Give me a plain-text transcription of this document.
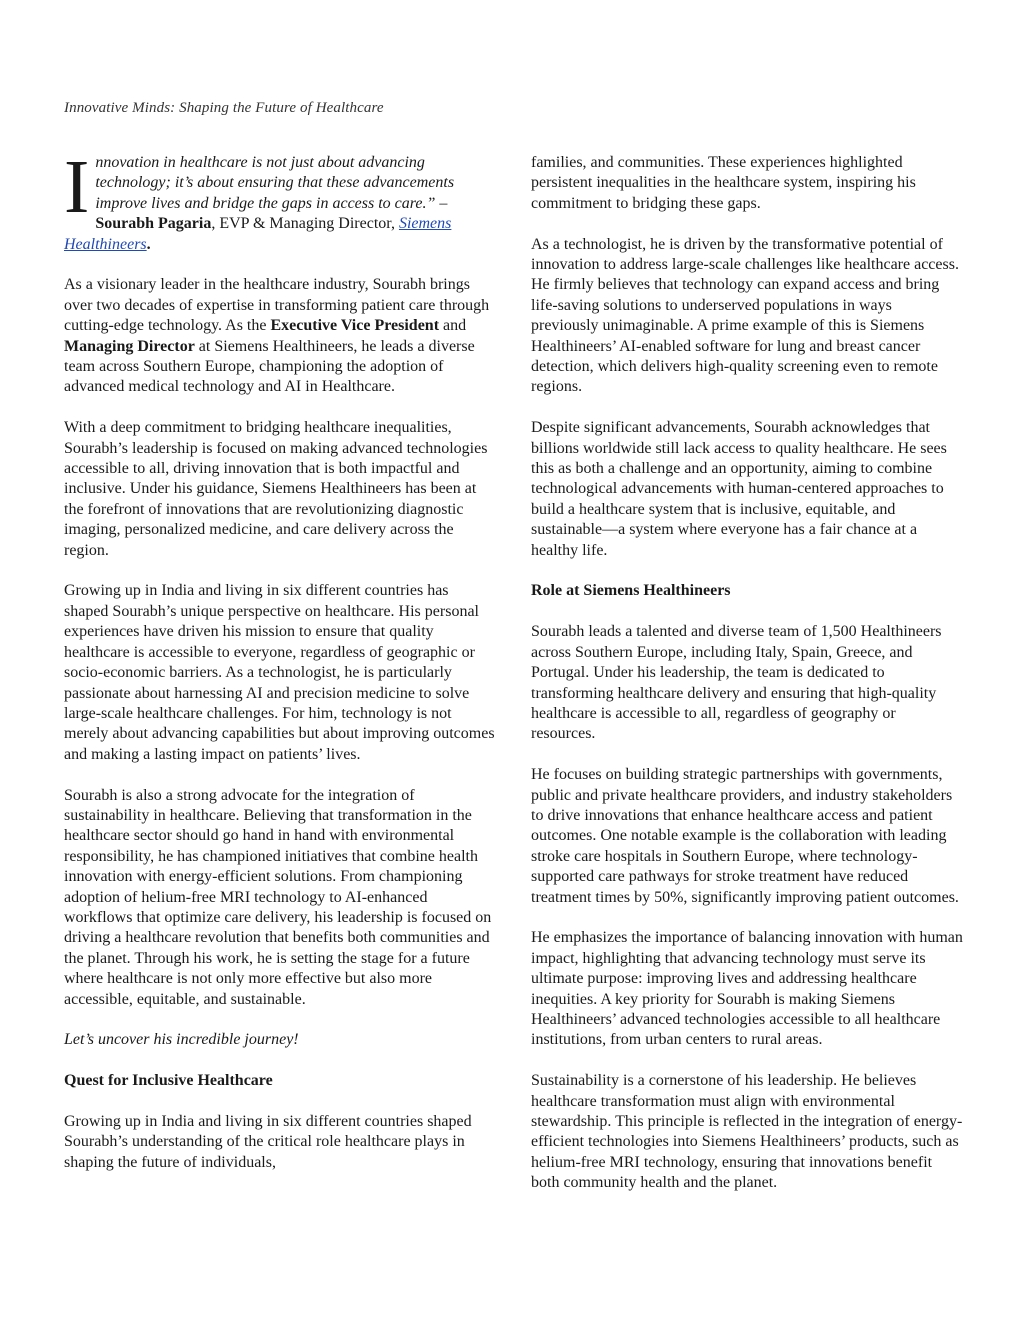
Innovative Minds: Shaping the Future of Healthcare

Innovation in healthcare is not just about advancing technology; it’s about ensuring that these advancements improve lives and bridge the gaps in access to care.” – Sourabh Pagaria, EVP & Managing Director, Siemens Healthineers.

As a visionary leader in the healthcare industry, Sourabh brings over two decades of expertise in transforming patient care through cutting-edge technology. As the Executive Vice President and Managing Director at Siemens Healthineers, he leads a diverse team across Southern Europe, championing the adoption of advanced medical technology and AI in Healthcare.

With a deep commitment to bridging healthcare inequalities, Sourabh’s leadership is focused on making advanced technologies accessible to all, driving innovation that is both impactful and inclusive. Under his guidance, Siemens Healthineers has been at the forefront of innovations that are revolutionizing diagnostic imaging, personalized medicine, and care delivery across the region.

Growing up in India and living in six different countries has shaped Sourabh’s unique perspective on healthcare. His personal experiences have driven his mission to ensure that quality healthcare is accessible to everyone, regardless of geographic or socio-economic barriers. As a technologist, he is particularly passionate about harnessing AI and precision medicine to solve large-scale healthcare challenges. For him, technology is not merely about advancing capabilities but about improving outcomes and making a lasting impact on patients’ lives.

Sourabh is also a strong advocate for the integration of sustainability in healthcare. Believing that transformation in the healthcare sector should go hand in hand with environmental responsibility, he has championed initiatives that combine health innovation with energy-efficient solutions. From championing adoption of helium-free MRI technology to AI-enhanced workflows that optimize care delivery, his leadership is focused on driving a healthcare revolution that benefits both communities and the planet. Through his work, he is setting the stage for a future where healthcare is not only more effective but also more accessible, equitable, and sustainable.

Let’s uncover his incredible journey!

Quest for Inclusive Healthcare

Growing up in India and living in six different countries shaped Sourabh’s understanding of the critical role healthcare plays in shaping the future of individuals,

families, and communities. These experiences highlighted persistent inequalities in the healthcare system, inspiring his commitment to bridging these gaps.

As a technologist, he is driven by the transformative potential of innovation to address large-scale challenges like healthcare access. He firmly believes that technology can expand access and bring life-saving solutions to underserved populations in ways previously unimaginable. A prime example of this is Siemens Healthineers’ AI-enabled software for lung and breast cancer detection, which delivers high-quality screening even to remote regions.

Despite significant advancements, Sourabh acknowledges that billions worldwide still lack access to quality healthcare. He sees this as both a challenge and an opportunity, aiming to combine technological advancements with human-centered approaches to build a healthcare system that is inclusive, equitable, and sustainable—a system where everyone has a fair chance at a healthy life.

Role at Siemens Healthineers

Sourabh leads a talented and diverse team of 1,500 Healthineers across Southern Europe, including Italy, Spain, Greece, and Portugal. Under his leadership, the team is dedicated to transforming healthcare delivery and ensuring that high-quality healthcare is accessible to all, regardless of geography or resources.

He focuses on building strategic partnerships with governments, public and private healthcare providers, and industry stakeholders to drive innovations that enhance healthcare access and patient outcomes. One notable example is the collaboration with leading stroke care hospitals in Southern Europe, where technology-supported care pathways for stroke treatment have reduced treatment times by 50%, significantly improving patient outcomes.

He emphasizes the importance of balancing innovation with human impact, highlighting that advancing technology must serve its ultimate purpose: improving lives and addressing healthcare inequities. A key priority for Sourabh is making Siemens Healthineers’ advanced technologies accessible to all healthcare institutions, from urban centers to rural areas.

Sustainability is a cornerstone of his leadership. He believes healthcare transformation must align with environmental stewardship. This principle is reflected in the integration of energy-efficient technologies into Siemens Healthineers’ products, such as helium-free MRI technology, ensuring that innovations benefit both community health and the planet.
